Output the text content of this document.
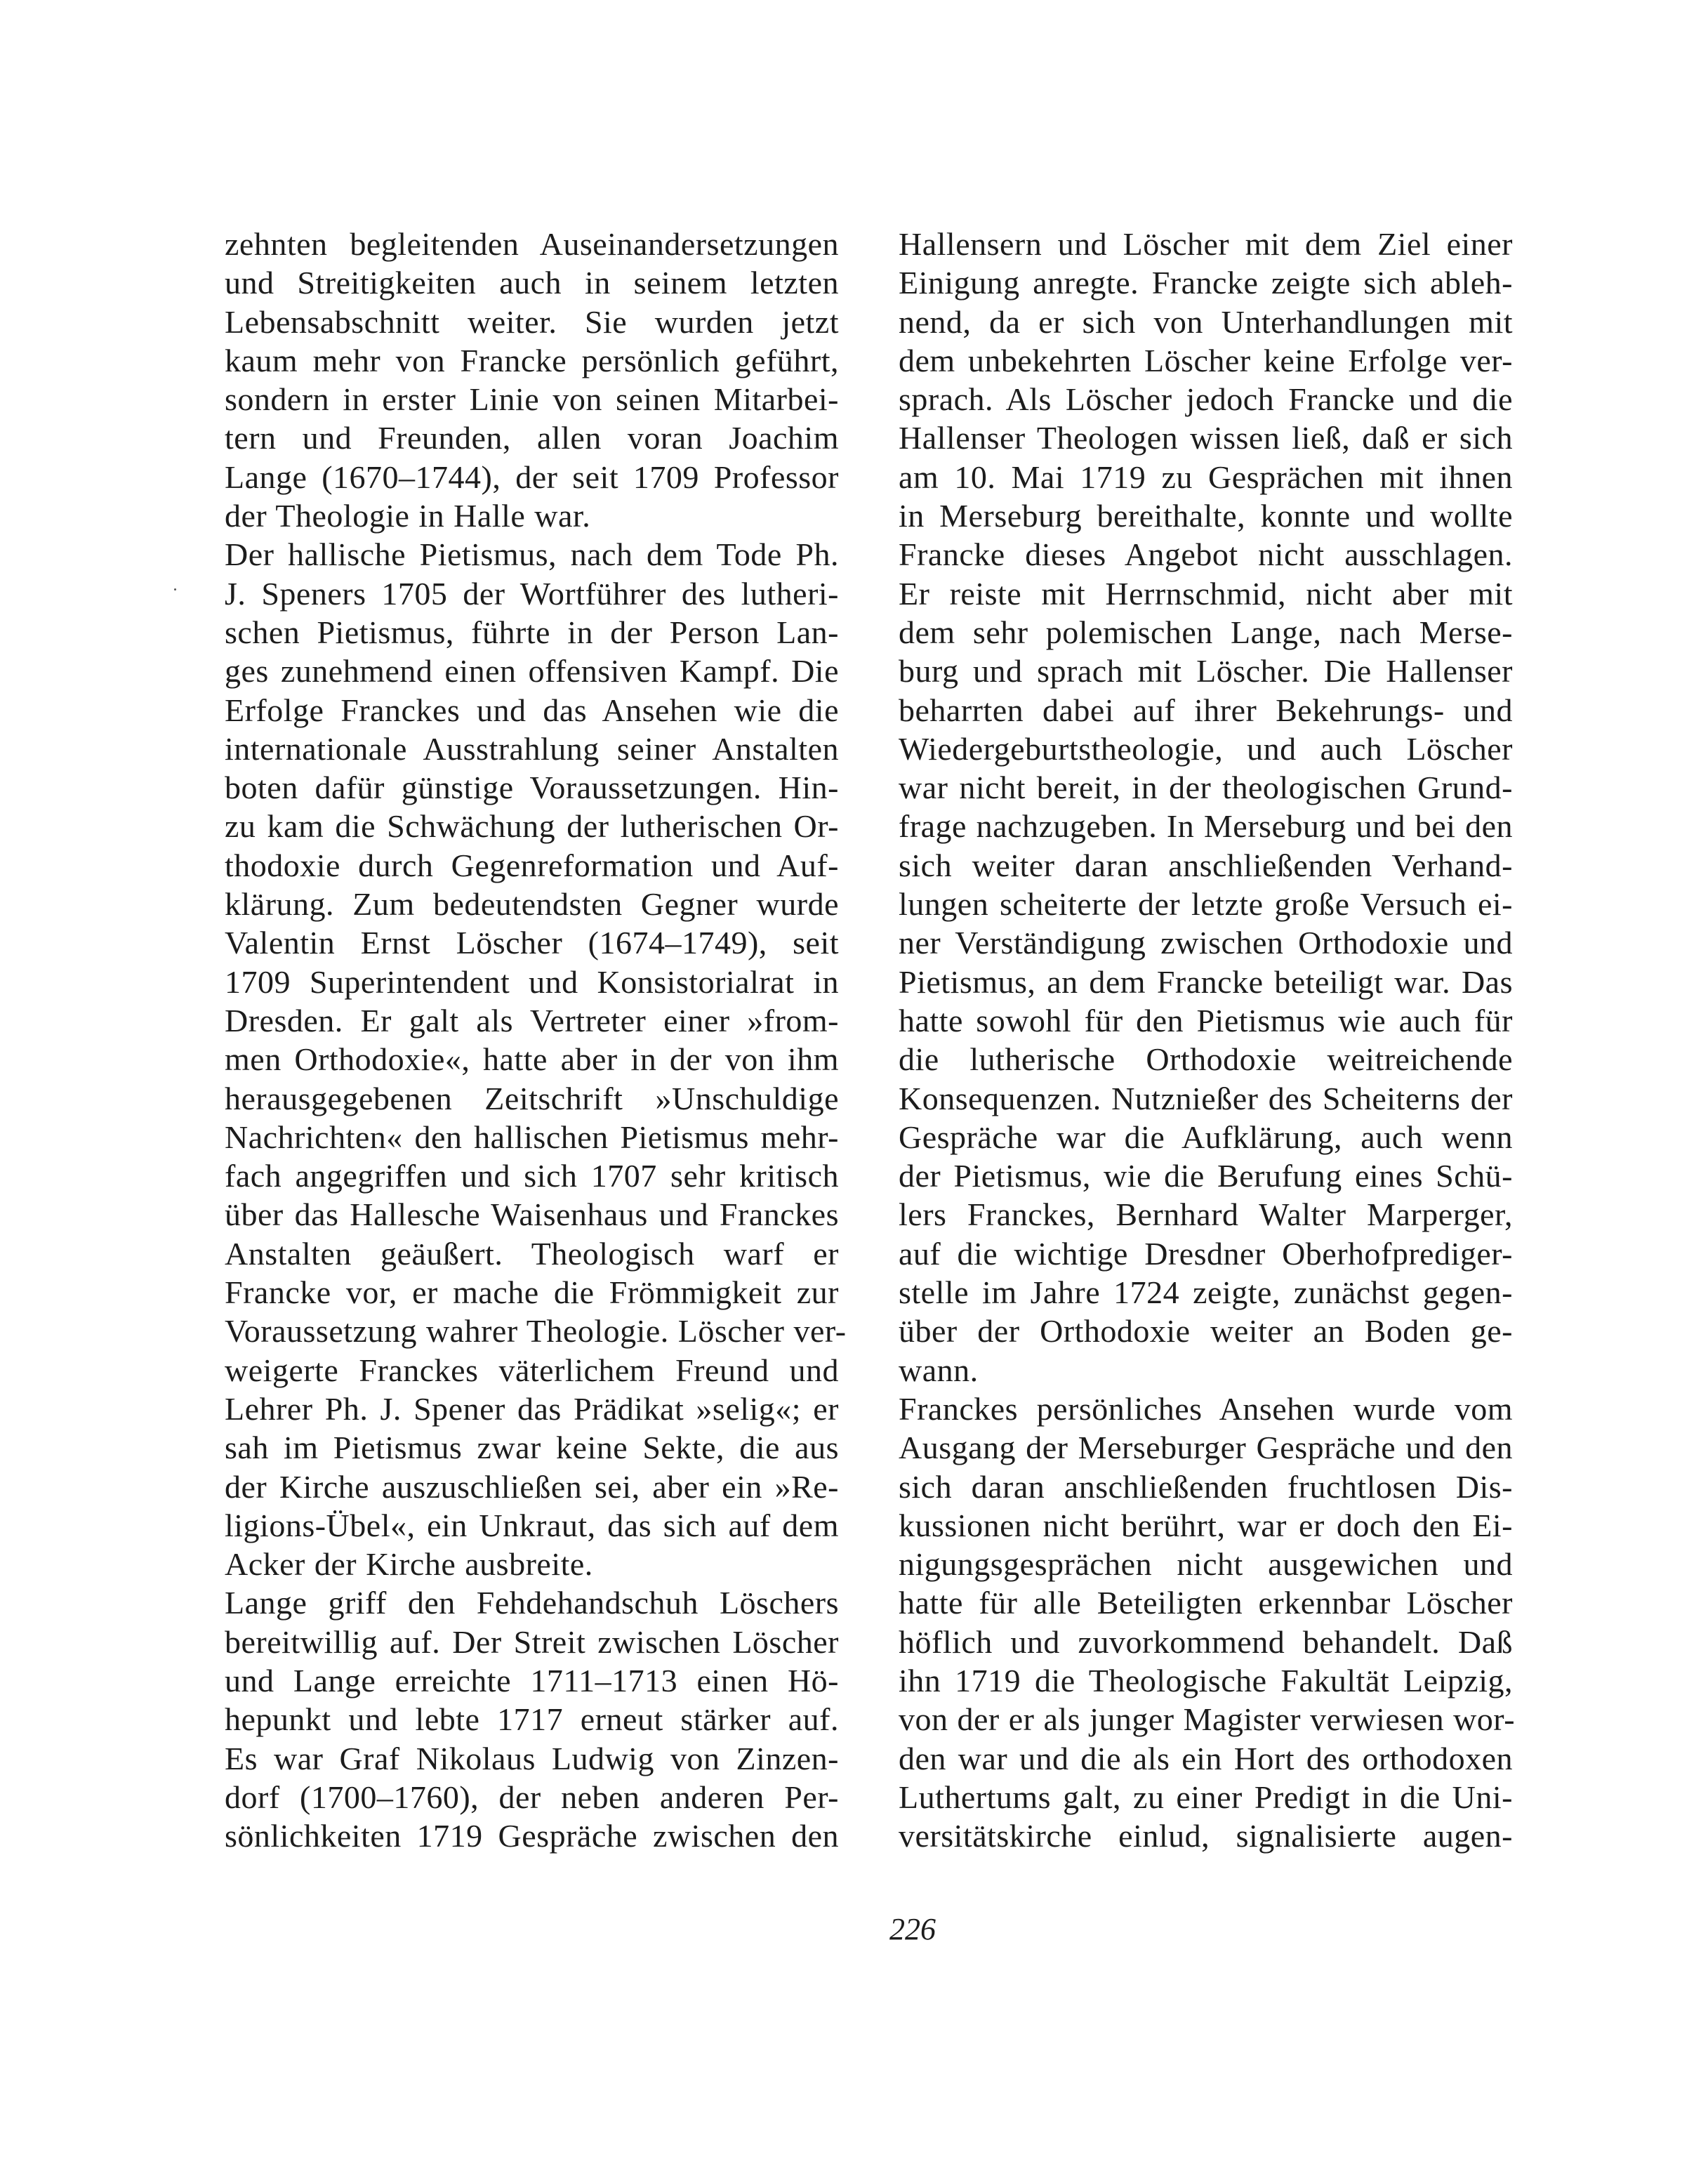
zehnten begleitenden Auseinandersetzungen
und Streitigkeiten auch in seinem letzten
Lebensabschnitt weiter. Sie wurden jetzt
kaum mehr von Francke persönlich geführt,
sondern in erster Linie von seinen Mitarbei-
tern und Freunden, allen voran Joachim
Lange (1670–1744), der seit 1709 Professor
der Theologie in Halle war.
Der hallische Pietismus, nach dem Tode Ph.
J. Speners 1705 der Wortführer des lutheri-
schen Pietismus, führte in der Person Lan-
ges zunehmend einen offensiven Kampf. Die
Erfolge Franckes und das Ansehen wie die
internationale Ausstrahlung seiner Anstalten
boten dafür günstige Voraussetzungen. Hin-
zu kam die Schwächung der lutherischen Or-
thodoxie durch Gegenreformation und Auf-
klärung. Zum bedeutendsten Gegner wurde
Valentin Ernst Löscher (1674–1749), seit
1709 Superintendent und Konsistorialrat in
Dresden. Er galt als Vertreter einer »from-
men Orthodoxie«, hatte aber in der von ihm
herausgegebenen Zeitschrift »Unschuldige
Nachrichten« den hallischen Pietismus mehr-
fach angegriffen und sich 1707 sehr kritisch
über das Hallesche Waisenhaus und Franckes
Anstalten geäußert. Theologisch warf er
Francke vor, er mache die Frömmigkeit zur
Voraussetzung wahrer Theologie. Löscher ver-
weigerte Franckes väterlichem Freund und
Lehrer Ph. J. Spener das Prädikat »selig«; er
sah im Pietismus zwar keine Sekte, die aus
der Kirche auszuschließen sei, aber ein »Re-
ligions-Übel«, ein Unkraut, das sich auf dem
Acker der Kirche ausbreite.
Lange griff den Fehdehandschuh Löschers
bereitwillig auf. Der Streit zwischen Löscher
und Lange erreichte 1711–1713 einen Hö-
hepunkt und lebte 1717 erneut stärker auf.
Es war Graf Nikolaus Ludwig von Zinzen-
dorf (1700–1760), der neben anderen Per-
sönlichkeiten 1719 Gespräche zwischen den
Hallensern und Löscher mit dem Ziel einer
Einigung anregte. Francke zeigte sich ableh-
nend, da er sich von Unterhandlungen mit
dem unbekehrten Löscher keine Erfolge ver-
sprach. Als Löscher jedoch Francke und die
Hallenser Theologen wissen ließ, daß er sich
am 10. Mai 1719 zu Gesprächen mit ihnen
in Merseburg bereithalte, konnte und wollte
Francke dieses Angebot nicht ausschlagen.
Er reiste mit Herrnschmid, nicht aber mit
dem sehr polemischen Lange, nach Merse-
burg und sprach mit Löscher. Die Hallenser
beharrten dabei auf ihrer Bekehrungs- und
Wiedergeburtstheologie, und auch Löscher
war nicht bereit, in der theologischen Grund-
frage nachzugeben. In Merseburg und bei den
sich weiter daran anschließenden Verhand-
lungen scheiterte der letzte große Versuch ei-
ner Verständigung zwischen Orthodoxie und
Pietismus, an dem Francke beteiligt war. Das
hatte sowohl für den Pietismus wie auch für
die lutherische Orthodoxie weitreichende
Konsequenzen. Nutznießer des Scheiterns der
Gespräche war die Aufklärung, auch wenn
der Pietismus, wie die Berufung eines Schü-
lers Franckes, Bernhard Walter Marperger,
auf die wichtige Dresdner Oberhofprediger-
stelle im Jahre 1724 zeigte, zunächst gegen-
über der Orthodoxie weiter an Boden ge-
wann.
Franckes persönliches Ansehen wurde vom
Ausgang der Merseburger Gespräche und den
sich daran anschließenden fruchtlosen Dis-
kussionen nicht berührt, war er doch den Ei-
nigungsgesprächen nicht ausgewichen und
hatte für alle Beteiligten erkennbar Löscher
höflich und zuvorkommend behandelt. Daß
ihn 1719 die Theologische Fakultät Leipzig,
von der er als junger Magister verwiesen wor-
den war und die als ein Hort des orthodoxen
Luthertums galt, zu einer Predigt in die Uni-
versitätskirche einlud, signalisierte augen-
226
